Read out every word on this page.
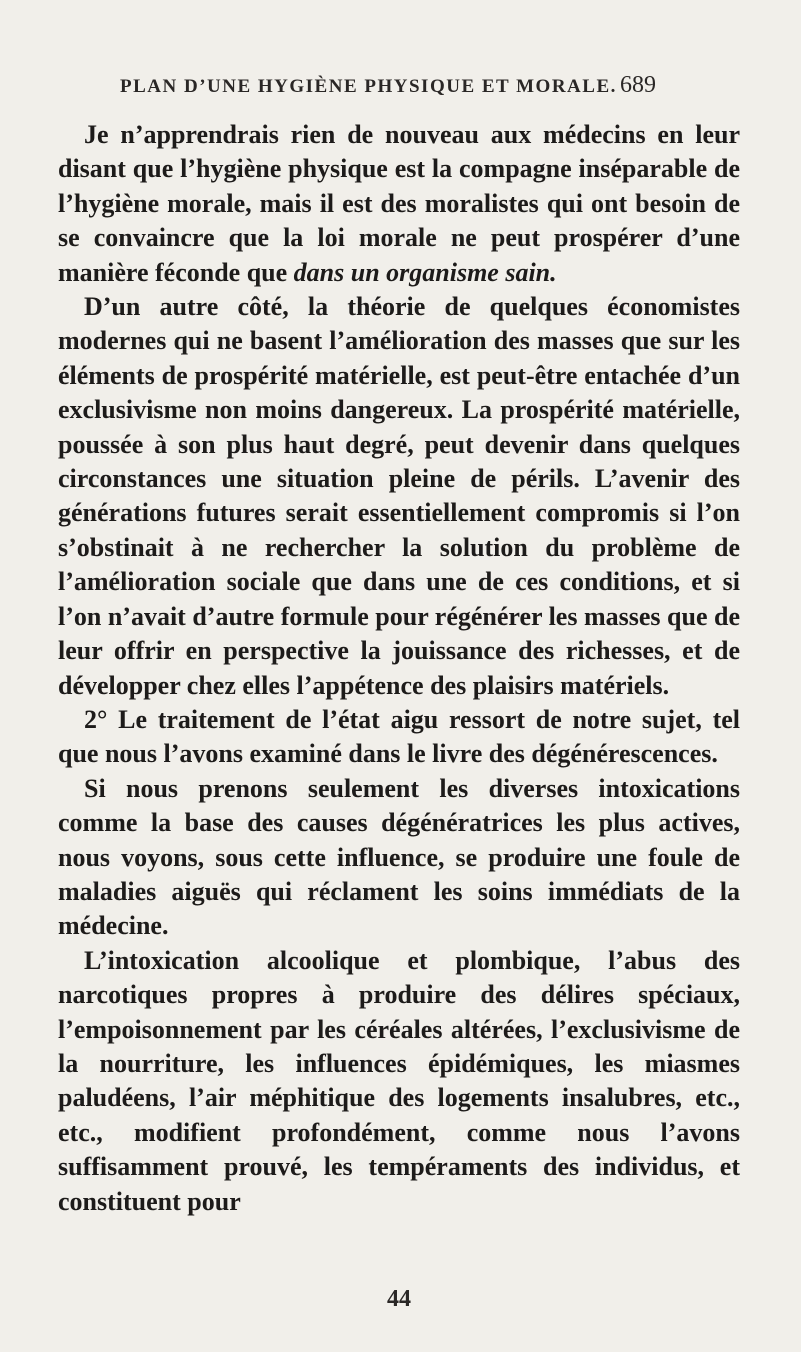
PLAN D’UNE HYGIÈNE PHYSIQUE ET MORALE. 689

Je n’apprendrais rien de nouveau aux médecins en leur disant que l’hygiène physique est la compagne inséparable de l’hygiène morale, mais il est des moralistes qui ont besoin de se convaincre que la loi morale ne peut prospérer d’une manière féconde que dans un organisme sain.

D’un autre côté, la théorie de quelques économistes modernes qui ne basent l’amélioration des masses que sur les éléments de prospérité matérielle, est peut-être entachée d’un exclusivisme non moins dangereux. La prospérité matérielle, poussée à son plus haut degré, peut devenir dans quelques circonstances une situation pleine de périls. L’avenir des générations futures serait essentiellement compromis si l’on s’obstinait à ne rechercher la solution du problème de l’amélioration sociale que dans une de ces conditions, et si l’on n’avait d’autre formule pour régénérer les masses que de leur offrir en perspective la jouissance des richesses, et de développer chez elles l’appétence des plaisirs matériels.

2° Le traitement de l’état aigu ressort de notre sujet, tel que nous l’avons examiné dans le livre des dégénérescences.

Si nous prenons seulement les diverses intoxications comme la base des causes dégénératrices les plus actives, nous voyons, sous cette influence, se produire une foule de maladies aiguës qui réclament les soins immédiats de la médecine.

L’intoxication alcoolique et plombique, l’abus des narcotiques propres à produire des délires spéciaux, l’empoisonnement par les céréales altérées, l’exclusivisme de la nourriture, les influences épidémiques, les miasmes paludéens, l’air méphitique des logements insalubres, etc., etc., modifient profondément, comme nous l’avons suffisamment prouvé, les tempéraments des individus, et constituent pour

44
